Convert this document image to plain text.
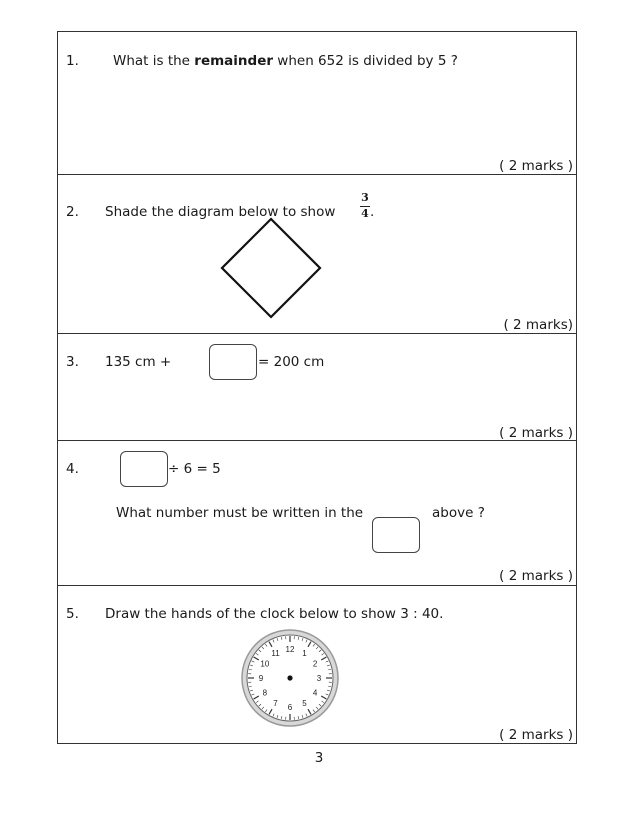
1.	What is the remainder when 652 is divided by 5 ?
( 2 marks )
2. Shade the diagram below to show
3
4 .
( 2 marks)
3. 135 cm +	= 200 cm
( 2 marks )
4.	÷ 6 = 5
What number must be written in the	above ?
( 2 marks )
5. Draw the hands of the clock below to show 3 : 40.
12 1
2
3
4
5
6
7
8
9
10
11
( 2 marks )
3
